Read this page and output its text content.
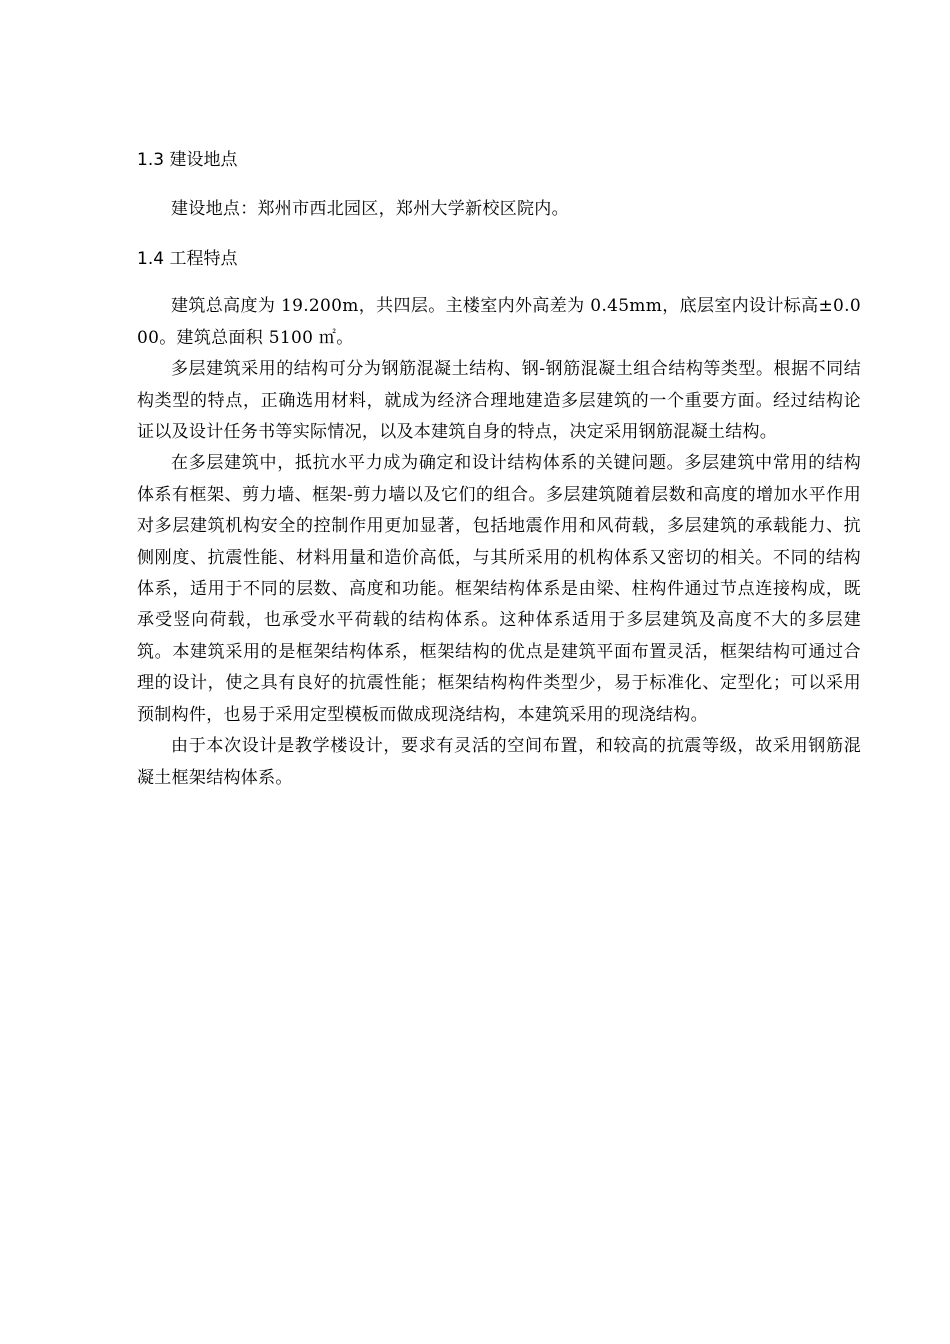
1.3 建设地点

建设地点：郑州市西北园区，郑州大学新校区院内。

1.4 工程特点

建筑总高度为 19.200m，共四层。主楼室内外高差为 0.45mm，底层室内设计标高±0.000。建筑总面积 5100 ㎡。

多层建筑采用的结构可分为钢筋混凝土结构、钢-钢筋混凝土组合结构等类型。根据不同结构类型的特点，正确选用材料，就成为经济合理地建造多层建筑的一个重要方面。经过结构论证以及设计任务书等实际情况，以及本建筑自身的特点，决定采用钢筋混凝土结构。

在多层建筑中，抵抗水平力成为确定和设计结构体系的关键问题。多层建筑中常用的结构体系有框架、剪力墙、框架-剪力墙以及它们的组合。多层建筑随着层数和高度的增加水平作用对多层建筑机构安全的控制作用更加显著，包括地震作用和风荷载，多层建筑的承载能力、抗侧刚度、抗震性能、材料用量和造价高低，与其所采用的机构体系又密切的相关。不同的结构体系，适用于不同的层数、高度和功能。框架结构体系是由梁、柱构件通过节点连接构成，既承受竖向荷载，也承受水平荷载的结构体系。这种体系适用于多层建筑及高度不大的多层建筑。本建筑采用的是框架结构体系，框架结构的优点是建筑平面布置灵活，框架结构可通过合理的设计，使之具有良好的抗震性能；框架结构构件类型少，易于标准化、定型化；可以采用预制构件，也易于采用定型模板而做成现浇结构，本建筑采用的现浇结构。

由于本次设计是教学楼设计，要求有灵活的空间布置，和较高的抗震等级，故采用钢筋混凝土框架结构体系。
